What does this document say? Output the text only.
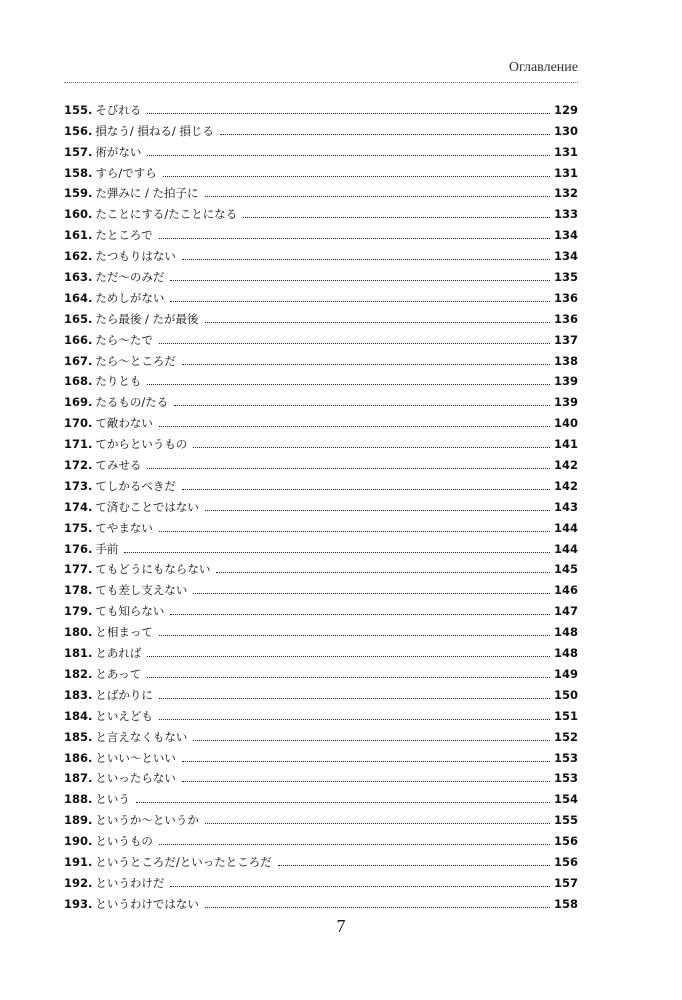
Оглавление
155. そびれる	129
156. 損なう/ 損ねる/ 損じる	130
157. 術がない	131
158. すら/ですら	131
159. た弾みに / た拍子に	132
160. たことにする/たことになる	133
161. たところで	134
162. たつもりはない	134
163. ただ～のみだ	135
164. ためしがない	136
165. たら最後 / たが最後	136
166. たら～たで	137
167. たら～ところだ	138
168. たりとも	139
169. たるもの/たる	139
170. て敵わない	140
171. てからというもの	141
172. てみせる	142
173. てしかるべきだ	142
174. て済むことではない	143
175. てやまない	144
176. 手前	144
177. てもどうにもならない	145
178. ても差し支えない	146
179. ても知らない	147
180. と相まって	148
181. とあれば	148
182. とあって	149
183. とばかりに	150
184. といえども	151
185. と言えなくもない	152
186. といい～といい	153
187. といったらない	153
188. という	154
189. というか～というか	155
190. というもの	156
191. というところだ/といったところだ	156
192. というわけだ	157
193. というわけではない	158
7
